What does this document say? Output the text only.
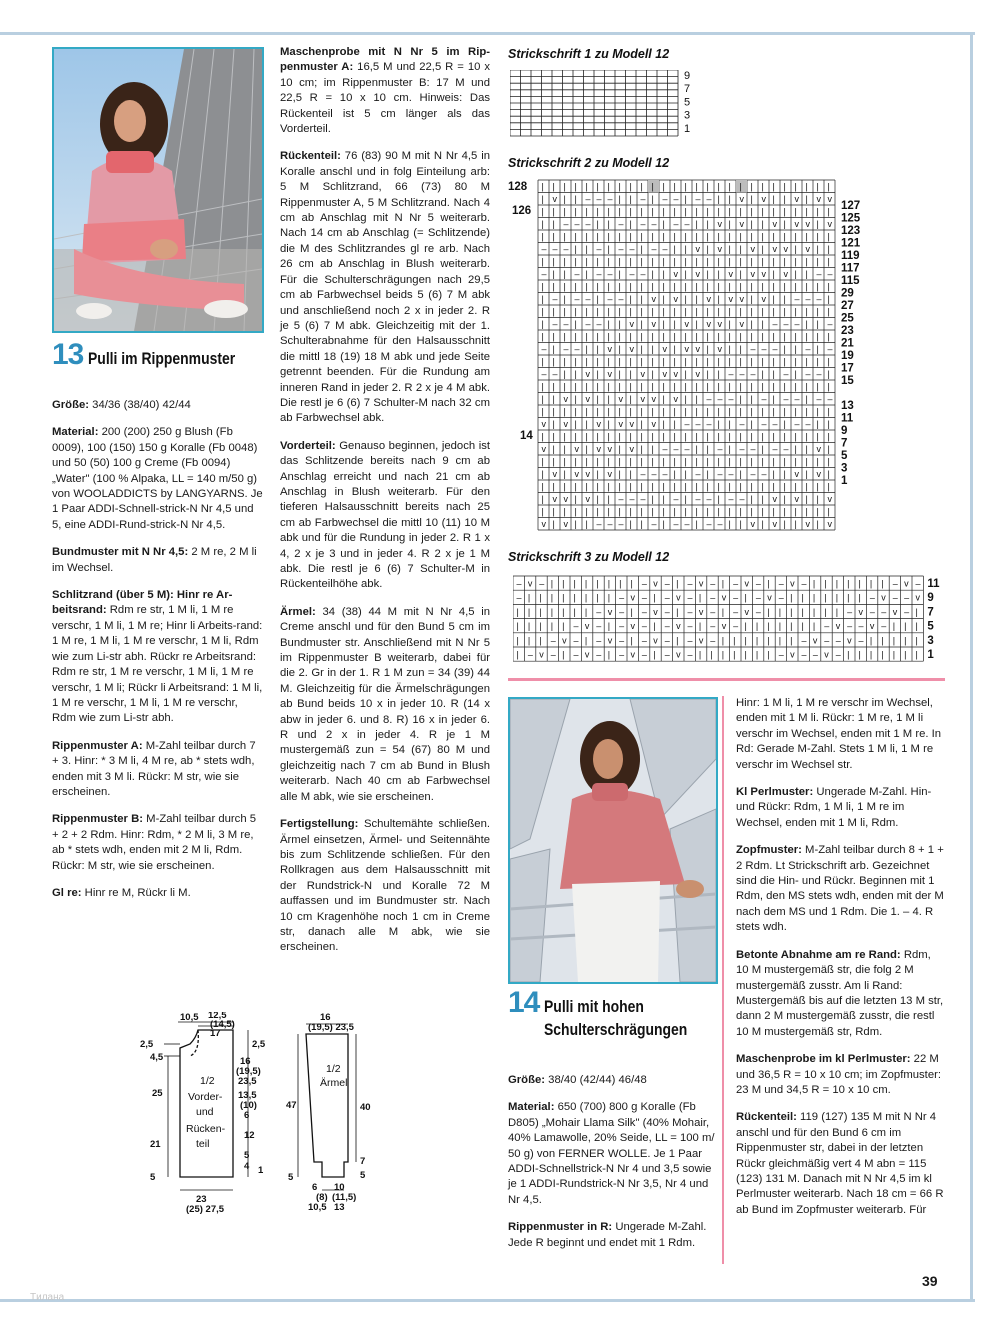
13 Pulli im Rippenmuster

Größe: 34/36 (38/40) 42/44

Material: 200 (200) 250 g Blush (Fb 0009), 100 (150) 150 g Koralle (Fb 0048) und 50 (50) 100 g Creme (Fb 0094) „Water" (100 % Alpaka, LL = 140 m/50 g) von WOOLADDICTS by LANGYARNS. Je 1 Paar ADDI-Schnell-strick-N Nr 4,5 und 5, eine ADDI-Rund-strick-N Nr 4,5.

Bundmuster mit N Nr 4,5: 2 M re, 2 M li im Wechsel.

Schlitzrand (über 5 M): Hinr re Ar-beitsrand: Rdm re str, 1 M li, 1 M re verschr, 1 M li, 1 M re; Hinr li Arbeits-rand: 1 M re, 1 M li, 1 M re verschr, 1 M li, Rdm wie zum Li-str abh. Rückr re Arbeitsrand: Rdm re str, 1 M re verschr, 1 M li, 1 M re verschr, 1 M li; Rückr li Arbeitsrand: 1 M li, 1 M re verschr, 1 M li, 1 M re verschr, Rdm wie zum Li-str abh.

Rippenmuster A: M-Zahl teilbar durch 7 + 3. Hinr: * 3 M li, 4 M re, ab * stets wdh, enden mit 3 M li. Rückr: M str, wie sie erscheinen.

Rippenmuster B: M-Zahl teilbar durch 5 + 2 + 2 Rdm. Hinr: Rdm, * 2 M li, 3 M re, ab * stets wdh, enden mit 2 M li, Rdm. Rückr: M str, wie sie erscheinen.

Gl re: Hinr re M, Rückr li M.

Maschenprobe mit N Nr 5 im Rip-penmuster A: 16,5 M und 22,5 R = 10 x 10 cm; im Rippenmuster B: 17 M und 22,5 R = 10 x 10 cm. Hinweis: Das Rückenteil ist 5 cm länger als das Vorderteil.

Rückenteil: 76 (83) 90 M mit N Nr 4,5 in Koralle anschl und in folg Einteilung arb: 5 M Schlitzrand, 66 (73) 80 M Rippenmuster A, 5 M Schlitzrand. Nach 4 cm ab Anschlag mit N Nr 5 weiterarb. Nach 14 cm ab Anschlag (= Schlitzende) die M des Schlitzrandes gl re arb. Nach 26 cm ab Anschlag in Blush weiterarb. Für die Schulterschrägungen nach 29,5 cm ab Farbwechsel beids 5 (6) 7 M abk und anschließend noch 2 x in jeder 2. R je 5 (6) 7 M abk. Gleichzeitig mit der 1. Schulterabnahme für den Halsausschnitt die mittl 18 (19) 18 M abk und jede Seite getrennt beenden. Für die Rundung am inneren Rand in jeder 2. R 2 x je 4 M abk. Die restl je 6 (6) 7 Schulter-M nach 32 cm ab Farbwechsel abk.

Vorderteil: Genauso beginnen, jedoch ist das Schlitzende bereits nach 9 cm ab Anschlag erreicht und nach 21 cm ab Anschlag in Blush weiterarb. Für den tieferen Halsausschnitt bereits nach 25 cm ab Farbwechsel die mittl 10 (11) 10 M abk und für die Rundung in jeder 2. R 1 x 4, 2 x je 3 und in jeder 4. R 2 x je 1 M abk. Die restl je 6 (6) 7 Schulter-M in Rückenteilhöhe abk.

Ärmel: 34 (38) 44 M mit N Nr 4,5 in Creme anschl und für den Bund 5 cm im Bundmuster str. Anschließend mit N Nr 5 im Rippenmuster B weiterarb, dabei für die 2. Gr in der 1. R 1 M zun = 34 (39) 44 M. Gleichzeitig für die Ärmelschrägungen ab Bund beids 10 x in jeder 10. R (14 x abw in jeder 6. und 8. R) 16 x in jeder 6. R und 2 x in jeder 4. R je 1 M mustergemäß zun = 54 (67) 80 M und gleichzeitig nach 7 cm ab Bund in Blush weiterarb. Nach 40 cm ab Farbwechsel alle M abk, wie sie erscheinen.

Fertigstellung: Schultemähte schließen. Ärmel einsetzen, Ärmel- und Seitennähte bis zum Schlitzende schließen. Für den Rollkragen aus dem Halsausschnitt mit der Rundstrick-N und Koralle 72 M auffassen und im Bundmuster str. Nach 10 cm Kragenhöhe noch 1 cm in Creme str, danach alle M abk, wie sie erscheinen.

Strickschrift 1 zu Modell 12
9
7
5
3
1
Strickschrift 2 zu Modell 12
| | | | | | | | | | | | | | | | | | | | | | | | | | |
| v | | – – – | | – | – – | – – | | v | v | | v | v v
| | | | | | | | | | | | | | | | | | | | | | | | | | |
| | – – – | | – | – – | – – | | v | v | | v | v v | v
| | | | | | | | | | | | | | | | | | | | | | | | | | |
– – – | | – | – – | – – | | v | v | | v | v v | v | |
| | | | | | | | | | | | | | | | | | | | | | | | | | |
– | | – | – – | – – | | v | v | | v | v v | v | | – –
| | | | | | | | | | | | | | | | | | | | | | | | | | |
| – | – – | – – | | v | v | | v | v v | v | | – – – |
| | | | | | | | | | | | | | | | | | | | | | | | | | |
| – – | – – | | v | v | | v | v v | v | | – – – | | –
| | | | | | | | | | | | | | | | | | | | | | | | | | |
– | – – | | v | v | | v | v v | v | | – – – | | – | –
| | | | | | | | | | | | | | | | | | | | | | | | | | |
– – | | v | v | | v | v v | v | | – – – | | – | – – |
| | | | | | | | | | | | | | | | | | | | | | | | | | |
| | v | v | | v | v v | v | | – – – | | – | – – | – –
| | | | | | | | | | | | | | | | | | | | | | | | | | |
v | v | | v | v v | v | | – – – | | – | – – | – – | |
| | | | | | | | | | | | | | | | | | | | | | | | | | |
v | | v | v v | v | | – – – | | – | – – | – – | | v |
| | | | | | | | | | | | | | | | | | | | | | | | | | |
| v | v v | v | | – – – | | – | – – | – – | | v | v |
| | | | | | | | | | | | | | | | | | | | | | | | | | |
| v v | v | | – – – | | – | – – | – – | | v | v | | v
| | | | | | | | | | | | | | | | | | | | | | | | | | |
v | v | | – – – | | – | – – | – – | | v | v | | v | v
127
125
123
121
119
117
115
29
27
25
23
21
19
17
15
13
11
9
7
5
3
1
128
126
14
Strickschrift 3 zu Modell 12
– v – | | | | | | | | – v – | – v – | – v – | – v – | | | | | | | – v –
– | | | | | | | | – v – | – v – | – v – | – v – | | | | | | | – v – – v
| | | | | | | – v – | – v – | – v – | – v – | | | | | | | – v – – v – |
| | | | | – v – | – v – | – v – | – v – | | | | | | | – v – – v – | | |
| | | – v – | – v – | – v – | – v – | | | | | | | – v – – v – | | | | |
| – v – | – v – | – v – | – v – | | | | | | | – v – – v – | | | | | | |
11
9
7
5
3
1
14 Pulli mit hohen
Schulterschrägungen

Größe: 38/40 (42/44) 46/48

Material: 650 (700) 800 g Koralle (Fb D805) „Mohair Llama Silk" (40% Mohair, 40% Lamawolle, 20% Seide, LL = 100 m/ 50 g) von FERNER WOLLE. Je 1 Paar ADDI-Schnellstrick-N Nr 4 und 3,5 sowie je 1 ADDI-Rundstrick-N Nr 3,5, Nr 4 und Nr 4,5.

Rippenmuster in R: Ungerade M-Zahl. Jede R beginnt und endet mit 1 Rdm.

Hinr: 1 M li, 1 M re verschr im Wechsel, enden mit 1 M li. Rückr: 1 M re, 1 M li verschr im Wechsel, enden mit 1 M re. In Rd: Gerade M-Zahl. Stets 1 M li, 1 M re verschr im Wechsel str.

Kl Perlmuster: Ungerade M-Zahl. Hin- und Rückr: Rdm, 1 M li, 1 M re im Wechsel, enden mit 1 M li, Rdm.

Zopfmuster: M-Zahl teilbar durch 8 + 1 + 2 Rdm. Lt Strickschrift arb. Gezeichnet sind die Hin- und Rückr. Beginnen mit 1 Rdm, den MS stets wdh, enden mit der M nach dem MS und 1 Rdm. Die 1. – 4. R stets wdh.

Betonte Abnahme am re Rand: Rdm, 10 M mustergemäß str, die folg 2 M mustergemäß zusstr. Am li Rand: Mustergemäß bis auf die letzten 13 M str, dann 2 M mustergemäß zusstr, die restl 10 M mustergemäß str, Rdm.

Maschenprobe im kl Perlmuster: 22 M und 36,5 R = 10 x 10 cm; im Zopfmuster: 23 M und 34,5 R = 10 x 10 cm.

Rückenteil: 119 (127) 135 M mit N Nr 4 anschl und für den Bund 6 cm im Rippenmuster str, dabei in der letzten Rückr gleichmäßig vert 4 M abn = 115 (123) 131 M. Danach mit N Nr 4,5 im kl Perlmuster weiterarb. Nach 18 cm = 66 R ab Bund im Zopfmuster weiterarb. Für

10,5 12,5
(14,5)
17
2,5
4,5
25
21
5
2,5
16
(19,5)
23,5
13,5
(10)
6
12
5
4 1
23
(25) 27,5
16
(19,5) 23,5
47
5
40
7
5
6 10
(8) (11,5)
10,5 13
1/2
Vorder-
und
Rücken-
teil
1/2
Ärmel
Tилана
39
